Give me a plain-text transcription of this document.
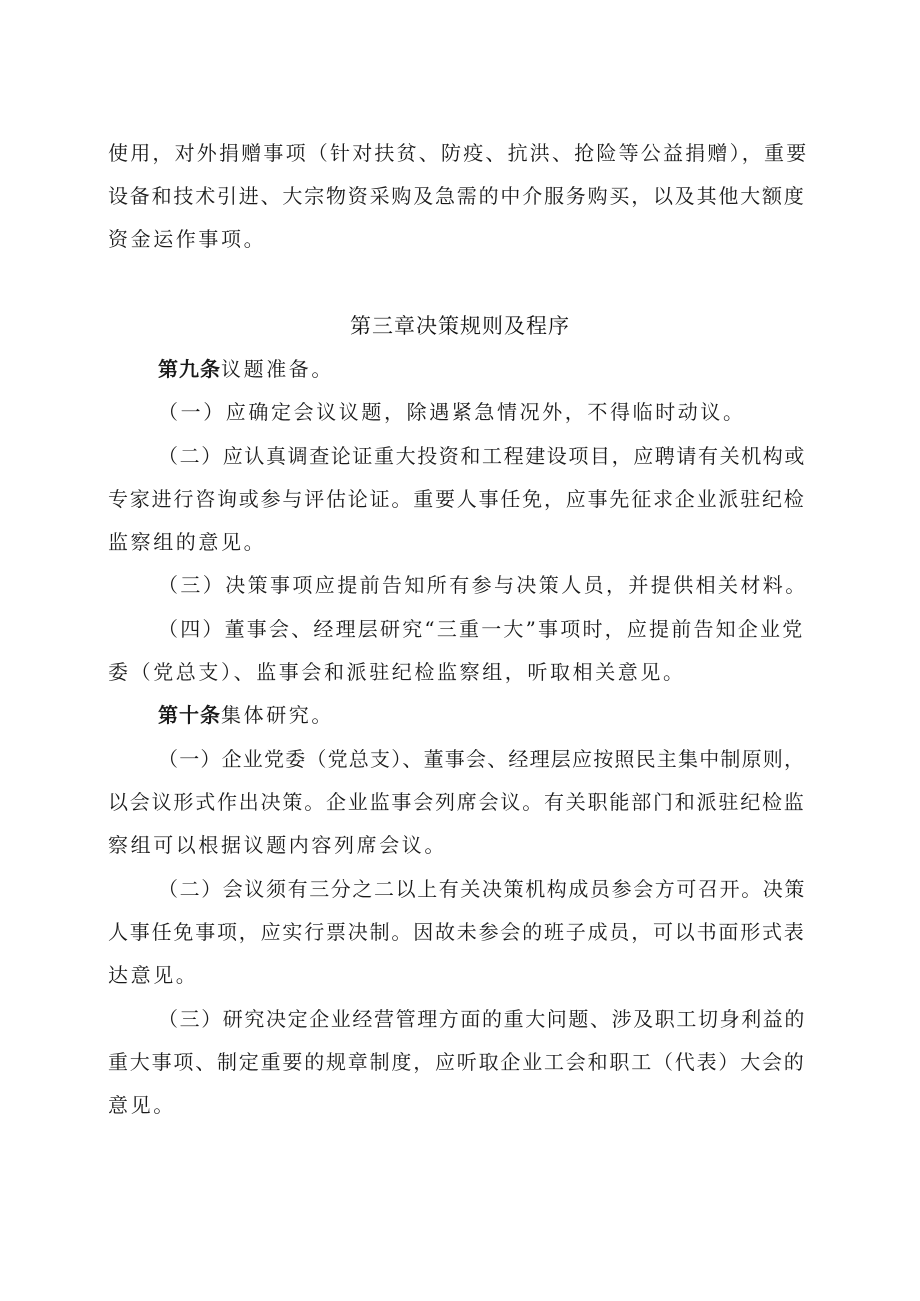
使用，对外捐赠事项（针对扶贫、防疫、抗洪、抢险等公益捐赠），重要
设备和技术引进、大宗物资采购及急需的中介服务购买，以及其他大额度
资金运作事项。
第三章决策规则及程序
第九条议题准备。
（一）应确定会议议题，除遇紧急情况外，不得临时动议。
（二）应认真调查论证重大投资和工程建设项目，应聘请有关机构或
专家进行咨询或参与评估论证。重要人事任免，应事先征求企业派驻纪检
监察组的意见。
（三）决策事项应提前告知所有参与决策人员，并提供相关材料。
（四）董事会、经理层研究“三重一大”事项时，应提前告知企业党
委（党总支）、监事会和派驻纪检监察组，听取相关意见。
第十条集体研究。
（一）企业党委（党总支）、董事会、经理层应按照民主集中制原则，
以会议形式作出决策。企业监事会列席会议。有关职能部门和派驻纪检监
察组可以根据议题内容列席会议。
（二）会议须有三分之二以上有关决策机构成员参会方可召开。决策
人事任免事项，应实行票决制。因故未参会的班子成员，可以书面形式表
达意见。
（三）研究决定企业经营管理方面的重大问题、涉及职工切身利益的
重大事项、制定重要的规章制度，应听取企业工会和职工（代表）大会的
意见。
